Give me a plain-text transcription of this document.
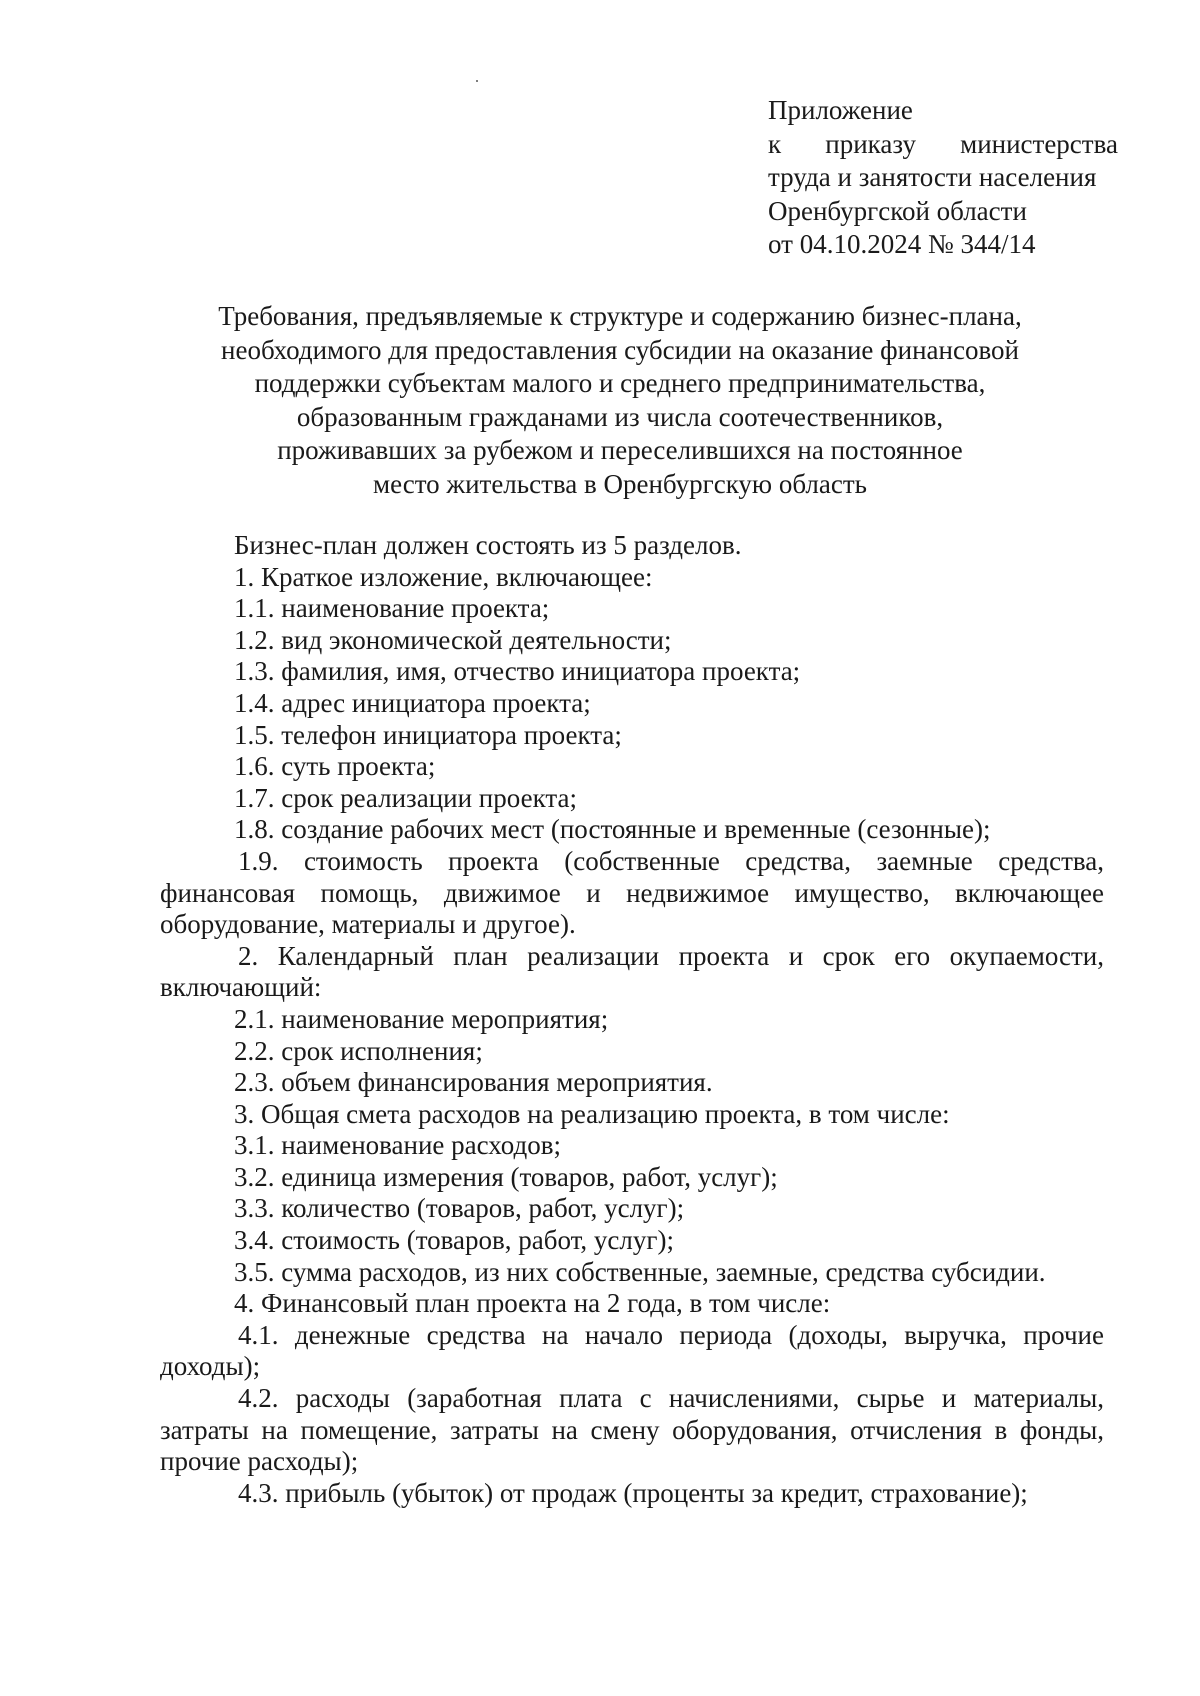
Приложение
к приказу министерства
труда и занятости населения
Оренбургской области
от 04.10.2024 № 344/14
Требования, предъявляемые к структуре и содержанию бизнес-плана,
необходимого для предоставления субсидии на оказание финансовой
поддержки субъектам малого и среднего предпринимательства,
образованным гражданами из числа соотечественников,
проживавших за рубежом и переселившихся на постоянное
место жительства в Оренбургскую область

Бизнес-план должен состоять из 5 разделов.

1. Краткое изложение, включающее:

1.1. наименование проекта;

1.2. вид экономической деятельности;

1.3. фамилия, имя, отчество инициатора проекта;

1.4. адрес инициатора проекта;

1.5. телефон инициатора проекта;

1.6. суть проекта;

1.7. срок реализации проекта;

1.8. создание рабочих мест (постоянные и временные (сезонные);

1.9. стоимость проекта (собственные средства, заемные средства, финансовая помощь, движимое и недвижимое имущество, включающее оборудование, материалы и другое).

2. Календарный план реализации проекта и срок его окупаемости, включающий:

2.1. наименование мероприятия;

2.2. срок исполнения;

2.3. объем финансирования мероприятия.

3. Общая смета расходов на реализацию проекта, в том числе:

3.1. наименование расходов;

3.2. единица измерения (товаров, работ, услуг);

3.3. количество (товаров, работ, услуг);

3.4. стоимость (товаров, работ, услуг);

3.5. сумма расходов, из них собственные, заемные, средства субсидии.

4. Финансовый план проекта на 2 года, в том числе:

4.1. денежные средства на начало периода (доходы, выручка, прочие доходы);

4.2. расходы (заработная плата с начислениями, сырье и материалы, затраты на помещение, затраты на смену оборудования, отчисления в фонды, прочие расходы);

4.3. прибыль (убыток) от продаж (проценты за кредит, страхование);
